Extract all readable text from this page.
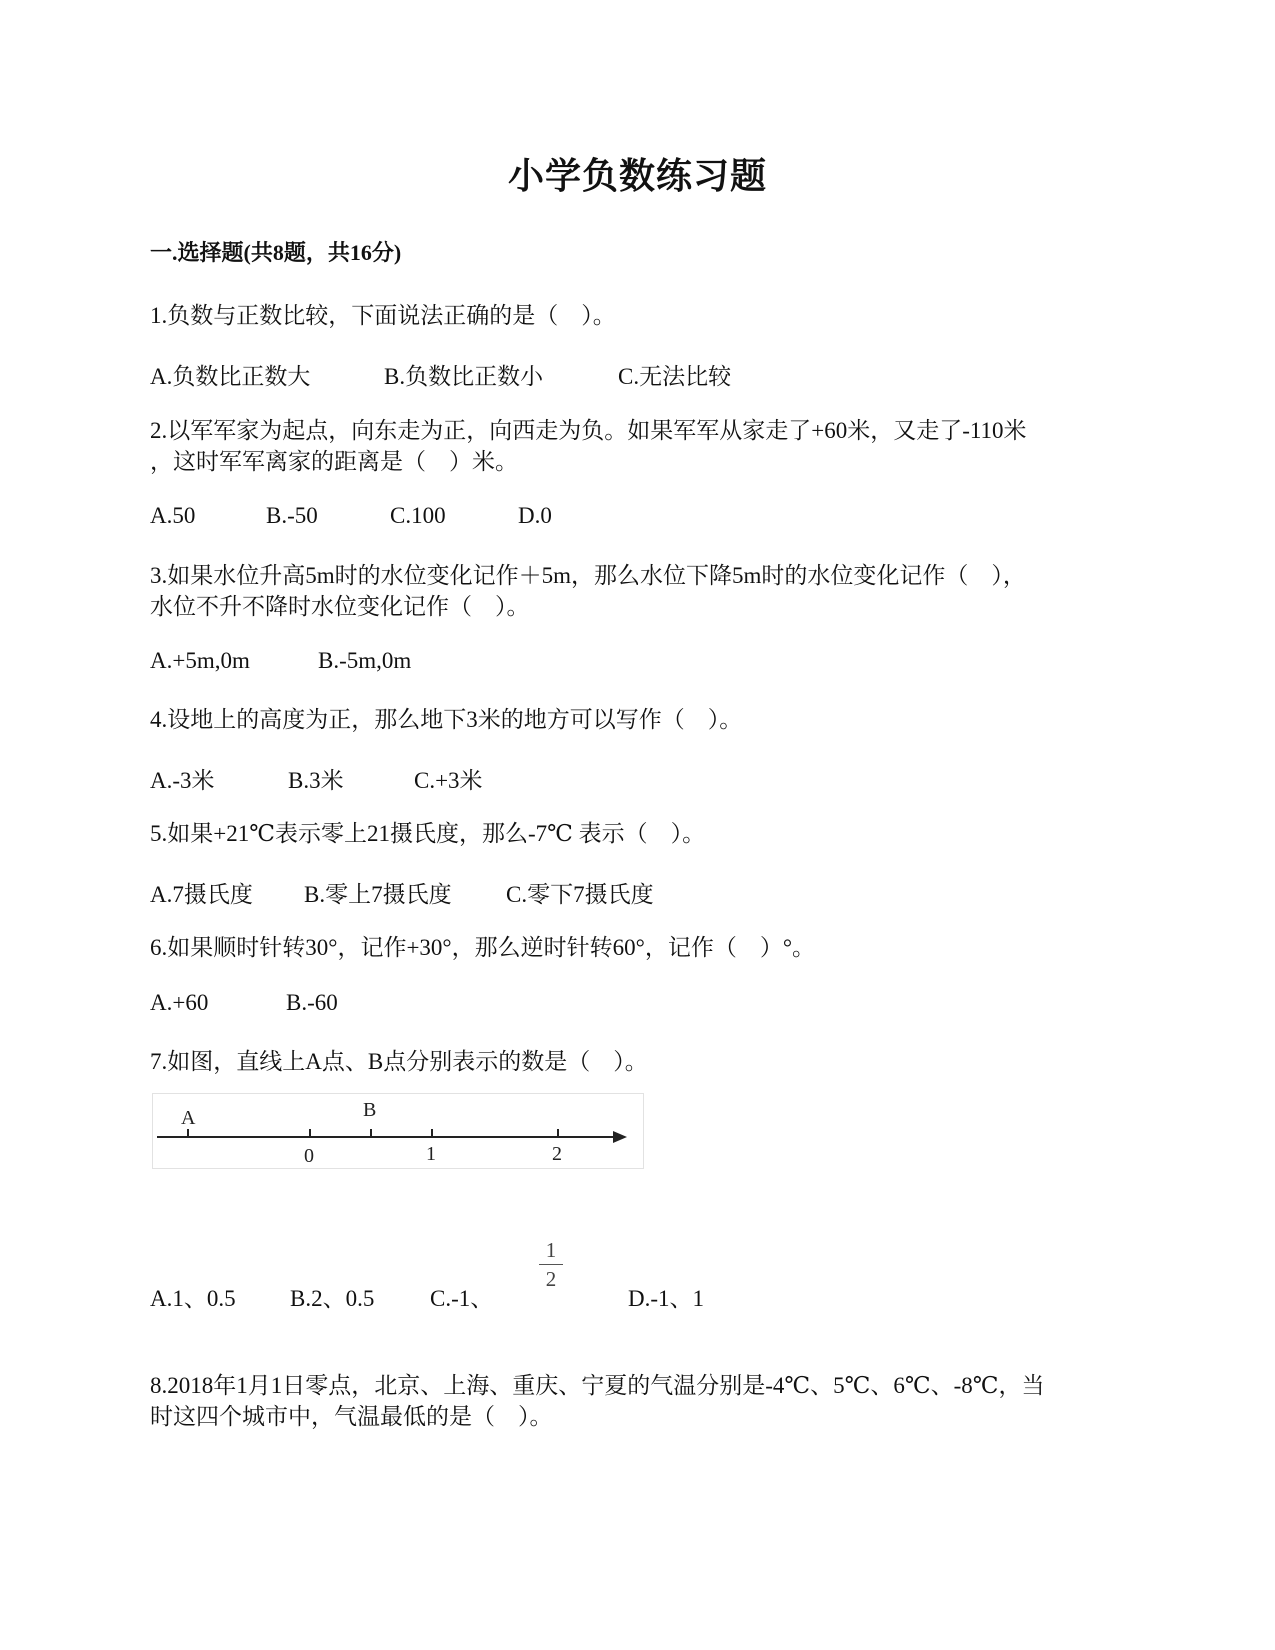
小学负数练习题
一.选择题(共8题，共16分)
1.负数与正数比较，下面说法正确的是（　）。
A.负数比正数大	B.负数比正数小	C.无法比较
2.以军军家为起点，向东走为正，向西走为负。如果军军从家走了+60米，又走了-110米
，这时军军离家的距离是（　）米。
A.50	B.-50	C.100	D.0
3.如果水位升高5m时的水位变化记作＋5m，那么水位下降5m时的水位变化记作（　），
水位不升不降时水位变化记作（　）。
A.+5m,0m	B.-5m,0m
4.设地上的高度为正，那么地下3米的地方可以写作（　）。
A.-3米	B.3米	C.+3米
5.如果+21℃表示零上21摄氏度，那么-7℃ 表示（　）。
A.7摄氏度 B.零上7摄氏度 C.零下7摄氏度
6.如果顺时针转30°，记作+30°，那么逆时针转60°，记作（　）°。
A.+60	B.-60
7.如图，直线上A点、B点分别表示的数是（　）。
A	B
0	1	2
A.1、0.5 B.2、0.5 C.-1、
1
2
D.-1、1
8.2018年1月1日零点，北京、上海、重庆、宁夏的气温分别是-4℃、5℃、6℃、-8℃，当
时这四个城市中，气温最低的是（　）。
